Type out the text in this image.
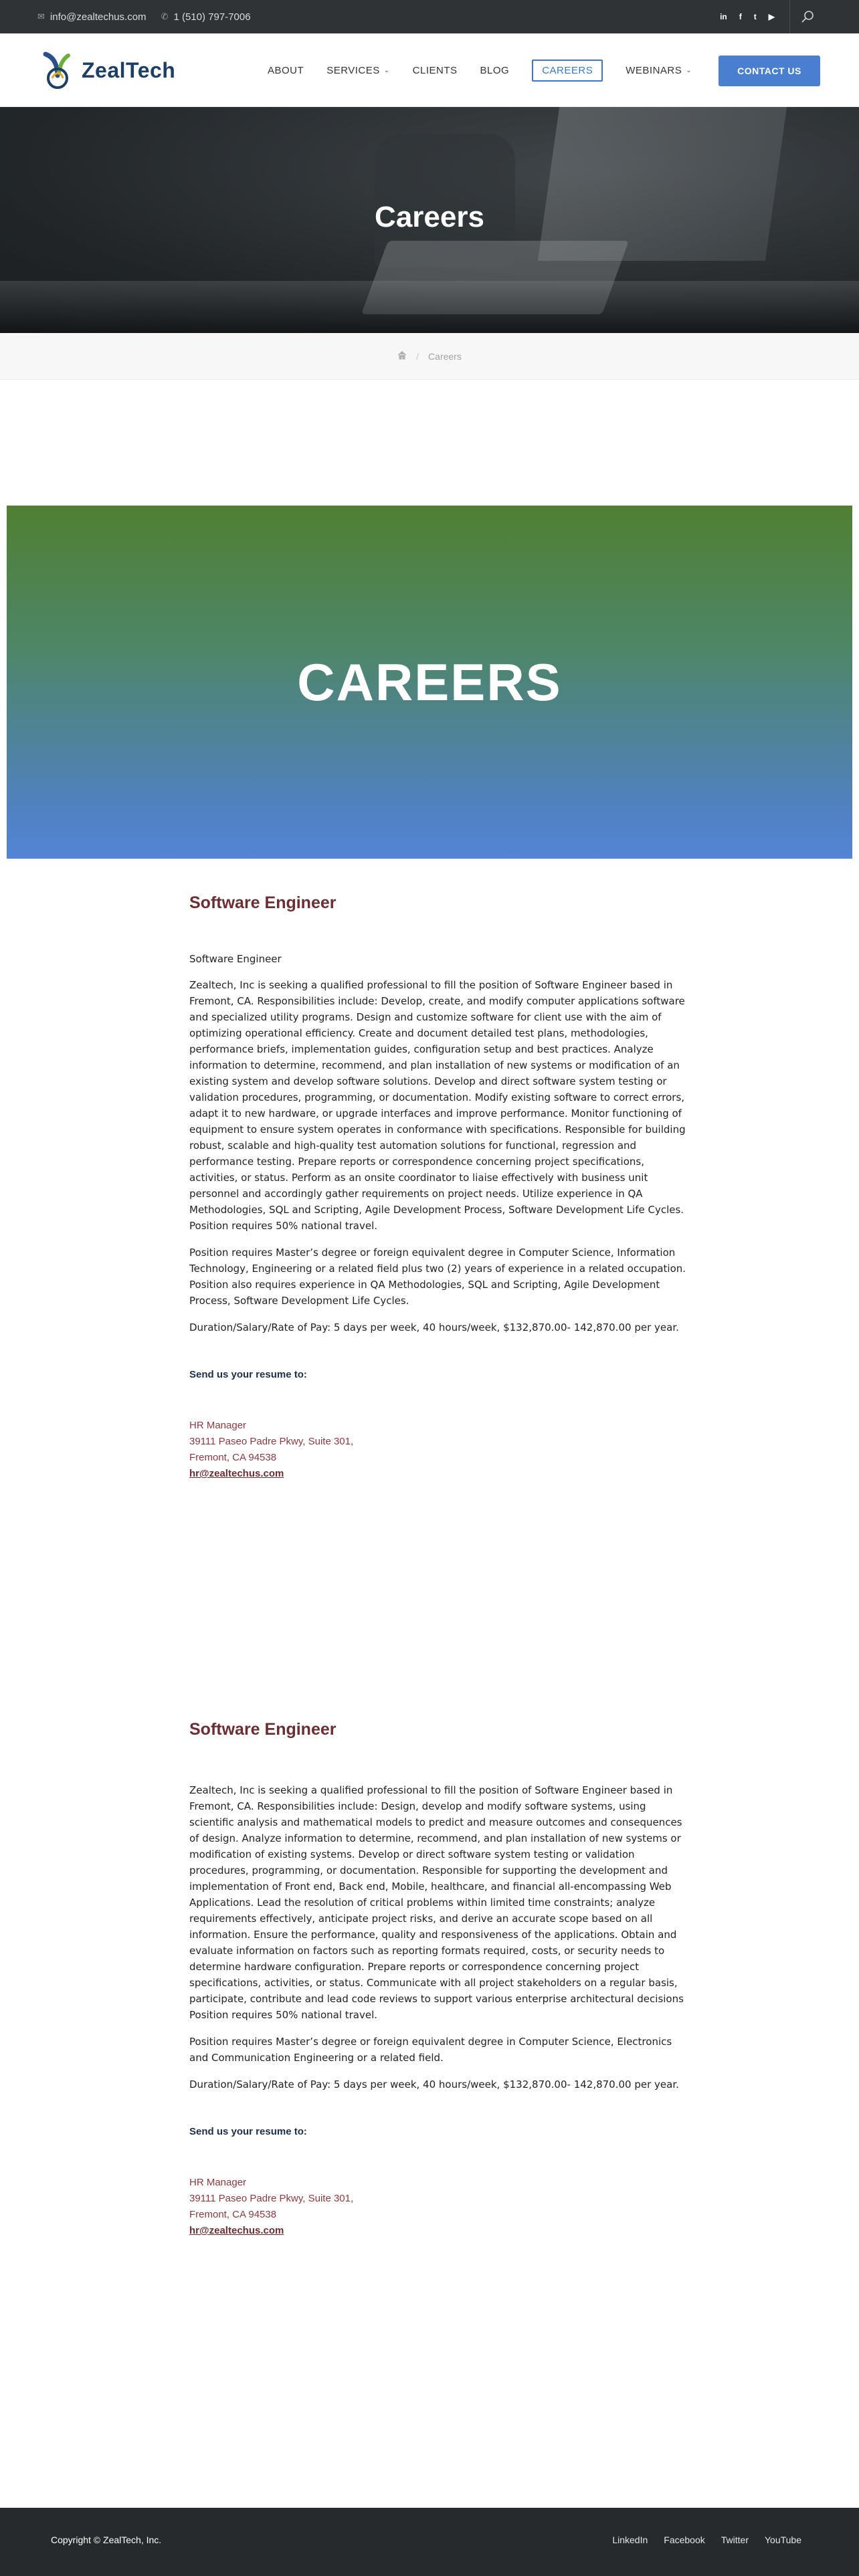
✉ info@zealtechus.com ✆ 1 (510) 797-7006	in f t ▶
ZealTech	ABOUT SERVICES ⌄ CLIENTS BLOG	CAREERS	WEBINARS ⌄	CONTACT US
Careers
/ Careers
CAREERS
Software Engineer
Software Engineer

Zealtech, Inc is seeking a qualified professional to fill the position of Software Engineer based in Fremont, CA. Responsibilities include: Develop, create, and modify computer applications software and specialized utility programs. Design and customize software for client use with the aim of optimizing operational efficiency. Create and document detailed test plans, methodologies, performance briefs, implementation guides, configuration setup and best practices. Analyze information to determine, recommend, and plan installation of new systems or modification of an existing system and develop software solutions. Develop and direct software system testing or validation procedures, programming, or documentation. Modify existing software to correct errors, adapt it to new hardware, or upgrade interfaces and improve performance. Monitor functioning of equipment to ensure system operates in conformance with specifications. Responsible for building robust, scalable and high-quality test automation solutions for functional, regression and performance testing. Prepare reports or correspondence concerning project specifications, activities, or status. Perform as an onsite coordinator to liaise effectively with business unit personnel and accordingly gather requirements on project needs. Utilize experience in QA Methodologies, SQL and Scripting, Agile Development Process, Software Development Life Cycles. Position requires 50% national travel.

Position requires Master’s degree or foreign equivalent degree in Computer Science, Information Technology, Engineering or a related field plus two (2) years of experience in a related occupation. Position also requires experience in QA Methodologies, SQL and Scripting, Agile Development Process, Software Development Life Cycles.

Duration/Salary/Rate of Pay: 5 days per week, 40 hours/week, $132,870.00- 142,870.00 per year.

Send us your resume to:
HR Manager
39111 Paseo Padre Pkwy, Suite 301,
Fremont, CA 94538
hr@zealtechus.com
Software Engineer

Zealtech, Inc is seeking a qualified professional to fill the position of Software Engineer based in Fremont, CA. Responsibilities include: Design, develop and modify software systems, using scientific analysis and mathematical models to predict and measure outcomes and consequences of design. Analyze information to determine, recommend, and plan installation of new systems or modification of existing systems. Develop or direct software system testing or validation procedures, programming, or documentation. Responsible for supporting the development and implementation of Front end, Back end, Mobile, healthcare, and financial all-encompassing Web Applications. Lead the resolution of critical problems within limited time constraints; analyze requirements effectively, anticipate project risks, and derive an accurate scope based on all information. Ensure the performance, quality and responsiveness of the applications. Obtain and evaluate information on factors such as reporting formats required, costs, or security needs to determine hardware configuration. Prepare reports or correspondence concerning project specifications, activities, or status. Communicate with all project stakeholders on a regular basis, participate, contribute and lead code reviews to support various enterprise architectural decisions Position requires 50% national travel.

Position requires Master’s degree or foreign equivalent degree in Computer Science, Electronics and Communication Engineering or a related field.

Duration/Salary/Rate of Pay: 5 days per week, 40 hours/week, $132,870.00- 142,870.00 per year.

Send us your resume to:
HR Manager
39111 Paseo Padre Pkwy, Suite 301,
Fremont, CA 94538
hr@zealtechus.com
Copyright © ZealTech, Inc.	LinkedIn Facebook Twitter YouTube
